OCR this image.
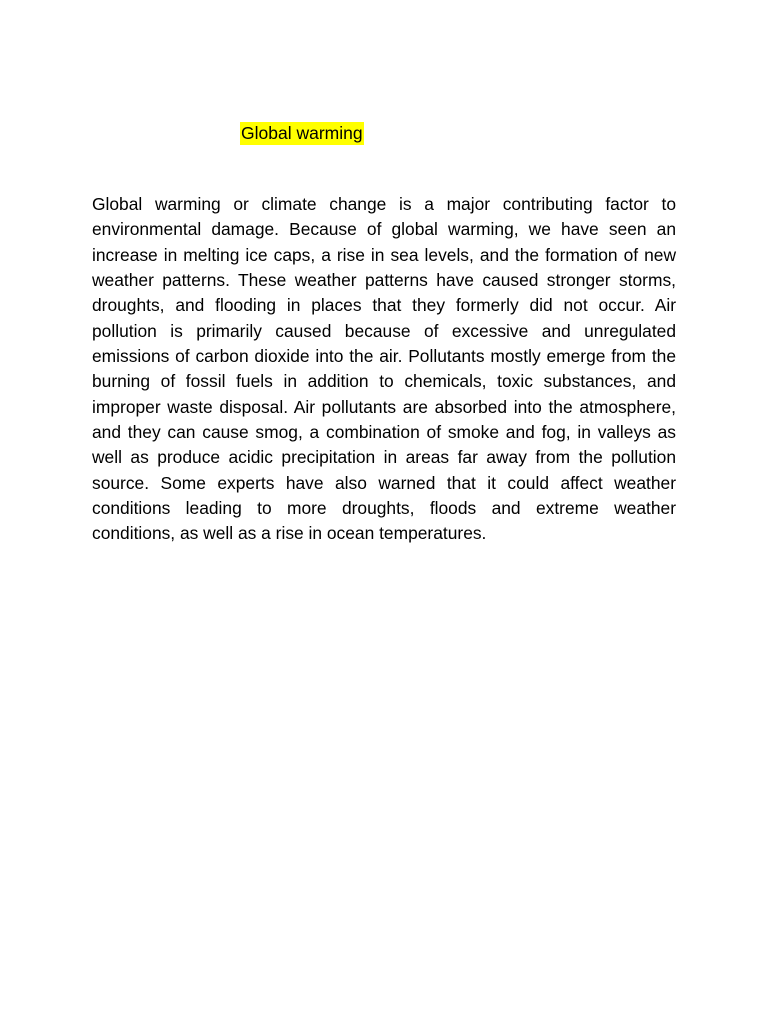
Global warming

Global warming or climate change is a major contributing factor to environmental damage. Because of global warming, we have seen an increase in melting ice caps, a rise in sea levels, and the formation of new weather patterns. These weather patterns have caused stronger storms, droughts, and flooding in places that they formerly did not occur. Air pollution is primarily caused because of excessive and unregulated emissions of carbon dioxide into the air. Pollutants mostly emerge from the burning of fossil fuels in addition to chemicals, toxic substances, and improper waste disposal. Air pollutants are absorbed into the atmosphere, and they can cause smog, a combination of smoke and fog, in valleys as well as produce acidic precipitation in areas far away from the pollution source. Some experts have also warned that it could affect weather conditions leading to more droughts, floods and extreme weather conditions, as well as a rise in ocean temperatures.
